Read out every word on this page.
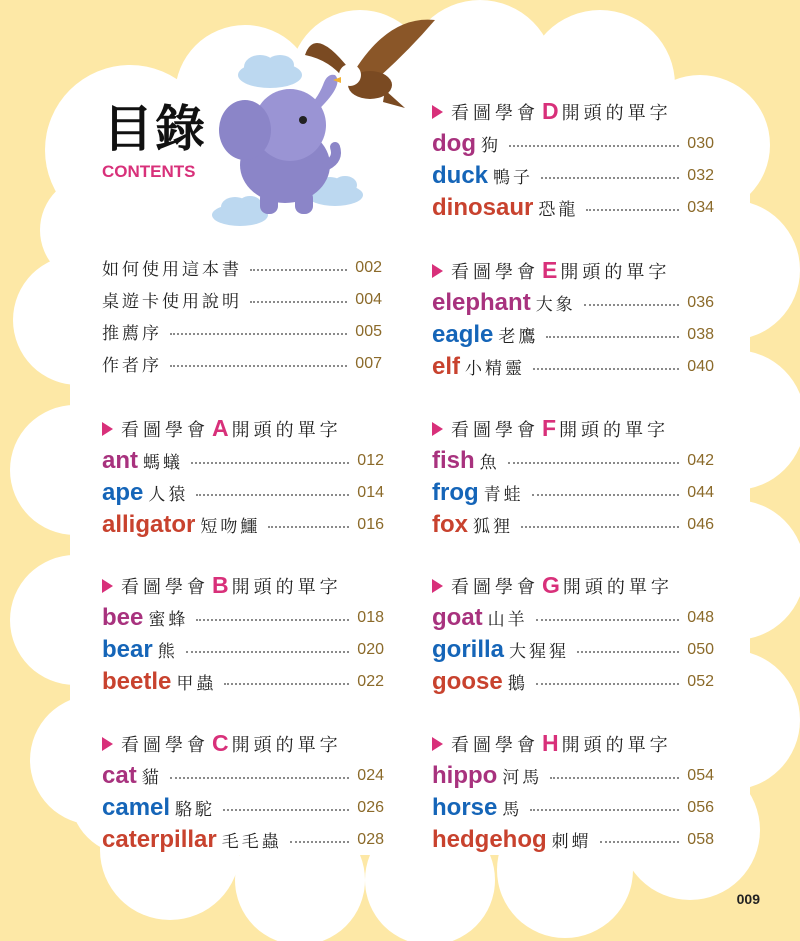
目錄
CONTENTS
如何使用這本書	002
桌遊卡使用說明	004
推薦序	005
作者序	007
看圖學會 A 開頭的單字
ant 螞蟻	012
ape 人猿	014
alligator 短吻鱷	016
看圖學會 B 開頭的單字
bee 蜜蜂	018
bear 熊	020
beetle 甲蟲	022
看圖學會 C 開頭的單字
cat 貓	024
camel 駱駝	026
caterpillar 毛毛蟲	028
看圖學會 D 開頭的單字
dog 狗	030
duck 鴨子	032
dinosaur 恐龍	034
看圖學會 E 開頭的單字
elephant 大象	036
eagle 老鷹	038
elf 小精靈	040
看圖學會 F 開頭的單字
fish 魚	042
frog 青蛙	044
fox 狐狸	046
看圖學會 G 開頭的單字
goat 山羊	048
gorilla 大猩猩	050
goose 鵝	052
看圖學會 H 開頭的單字
hippo 河馬	054
horse 馬	056
hedgehog 刺蝟	058
009
